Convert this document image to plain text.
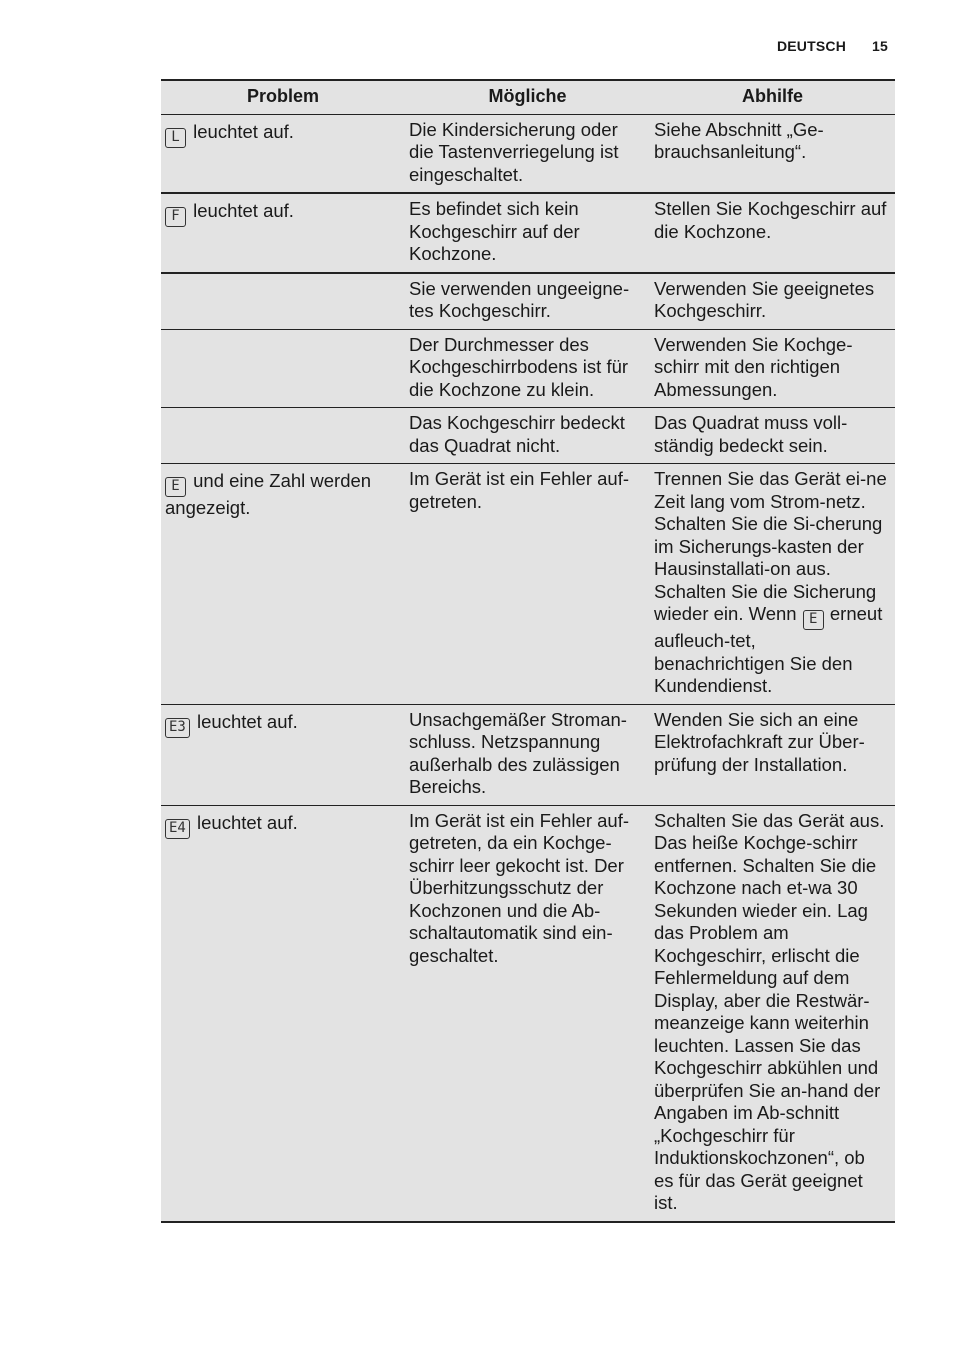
DEUTSCH 15
Problem	Mögliche	Abhilfe
L leuchtet auf.	Die Kindersicherung oder die Tastenverriegelung ist eingeschaltet.	Siehe Abschnitt „Ge-brauchsanleitung“.
F leuchtet auf.	Es befindet sich kein Kochgeschirr auf der Kochzone.	Stellen Sie Kochgeschirr auf die Kochzone.
	Sie verwenden ungeeigne-tes Kochgeschirr.	Verwenden Sie geeignetes Kochgeschirr.
	Der Durchmesser des Kochgeschirrbodens ist für die Kochzone zu klein.	Verwenden Sie Kochge-schirr mit den richtigen Abmessungen.
	Das Kochgeschirr bedeckt das Quadrat nicht.	Das Quadrat muss voll-ständig bedeckt sein.
E und eine Zahl werden angezeigt.	Im Gerät ist ein Fehler auf-getreten.	Trennen Sie das Gerät ei-ne Zeit lang vom Strom-netz. Schalten Sie die Si-cherung im Sicherungs-kasten der Hausinstallati-on aus. Schalten Sie die Sicherung wieder ein. Wenn E erneut aufleuch-tet, benachrichtigen Sie den Kundendienst.
E3 leuchtet auf.	Unsachgemäßer Stroman-schluss. Netzspannung außerhalb des zulässigen Bereichs.	Wenden Sie sich an eine Elektrofachkraft zur Über-prüfung der Installation.
E4 leuchtet auf.	Im Gerät ist ein Fehler auf-getreten, da ein Kochge-schirr leer gekocht ist. Der Überhitzungsschutz der Kochzonen und die Ab-schaltautomatik sind ein-geschaltet.	Schalten Sie das Gerät aus. Das heiße Kochge-schirr entfernen. Schalten Sie die Kochzone nach et-wa 30 Sekunden wieder ein. Lag das Problem am Kochgeschirr, erlischt die Fehlermeldung auf dem Display, aber die Restwär-meanzeige kann weiterhin leuchten. Lassen Sie das Kochgeschirr abkühlen und überprüfen Sie an-hand der Angaben im Ab-schnitt „Kochgeschirr für Induktionskochzonen“, ob es für das Gerät geeignet ist.
